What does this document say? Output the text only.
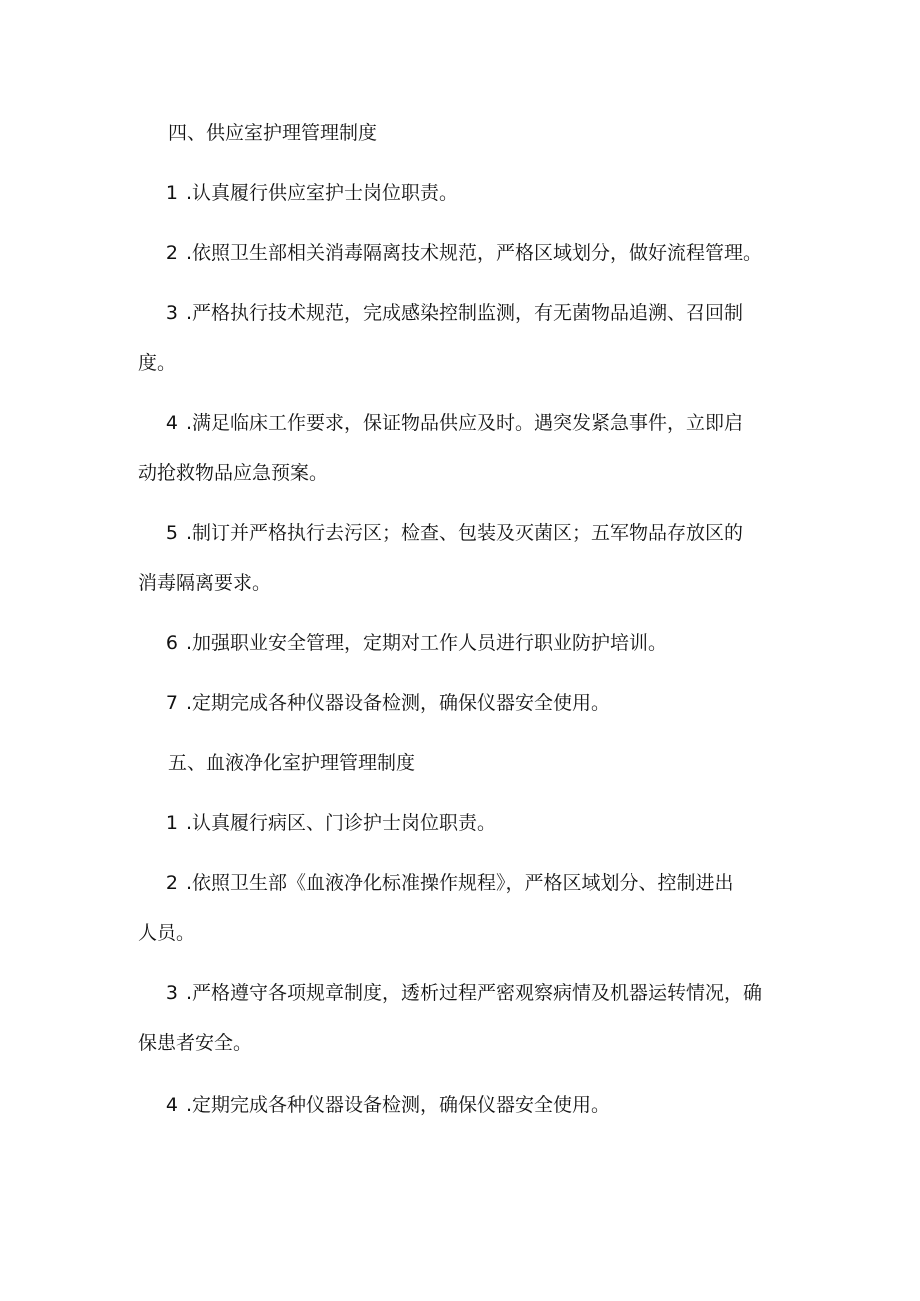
四、供应室护理管理制度

1 .认真履行供应室护士岗位职责。

2 .依照卫生部相关消毒隔离技术规范，严格区域划分，做好流程管理。

3 .严格执行技术规范，完成感染控制监测，有无菌物品追溯、召回制
度。

4 .满足临床工作要求，保证物品供应及时。遇突发紧急事件，立即启
动抢救物品应急预案。

5 .制订并严格执行去污区；检查、包装及灭菌区；五军物品存放区的
消毒隔离要求。

6 .加强职业安全管理，定期对工作人员进行职业防护培训。

7 .定期完成各种仪器设备检测，确保仪器安全使用。

五、血液净化室护理管理制度

1 .认真履行病区、门诊护士岗位职责。

2 .依照卫生部《血液净化标准操作规程》，严格区域划分、控制进出
人员。

3 .严格遵守各项规章制度，透析过程严密观察病情及机器运转情况，确
保患者安全。

4 .定期完成各种仪器设备检测，确保仪器安全使用。
